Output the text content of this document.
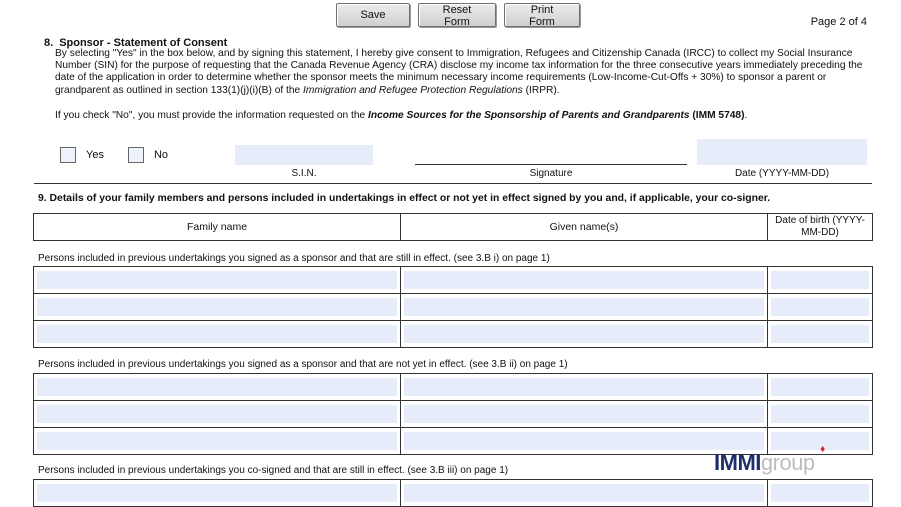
Save	Reset Form
Print Form	Page 2 of 4
8. Sponsor - Statement of Consent
By selecting "Yes" in the box below, and by signing this statement, I hereby give consent to Immigration, Refugees and Citizenship Canada (IRCC) to collect my Social Insurance Number (SIN) for the purpose of requesting that the Canada Revenue Agency (CRA) disclose my income tax information for the three consecutive years immediately preceding the date of the application in order to determine whether the sponsor meets the minimum necessary income requirements (Low-Income-Cut-Offs + 30%) to sponsor a parent or grandparent as outlined in section 133(1)(j)(i)(B) of the Immigration and Refugee Protection Regulations (IRPR).
If you check "No", you must provide the information requested on the Income Sources for the Sponsorship of Parents and Grandparents (IMM 5748).
Yes	No
S.I.N.	Signature	Date (YYYY-MM-DD)
9. Details of your family members and persons included in undertakings in effect or not yet in effect signed by you and, if applicable, your co-signer.
Family name	Given name(s)	Date of birth (YYYY-MM-DD)
Persons included in previous undertakings you signed as a sponsor and that are still in effect. (see 3.B i) on page 1)

Persons included in previous undertakings you signed as a sponsor and that are not yet in effect. (see 3.B ii) on page 1)

Persons included in previous undertakings you co-signed and that are still in effect. (see 3.B iii) on page 1)

		IMMIgroup
♦
